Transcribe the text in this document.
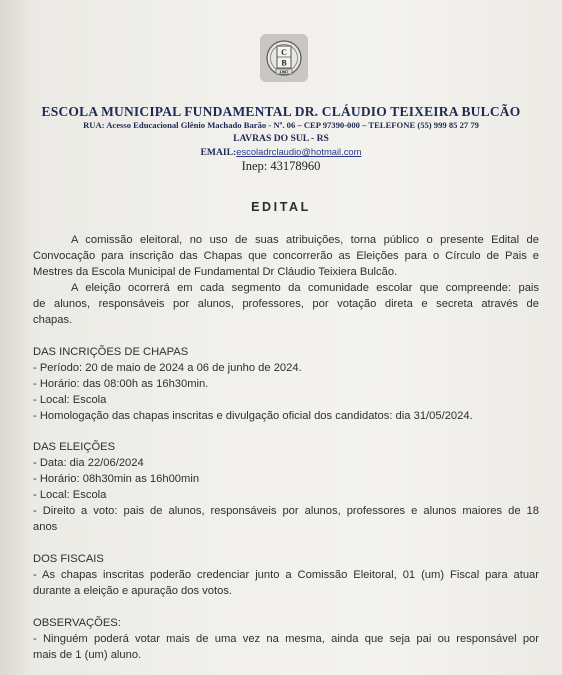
C
B
1987
ESCOLA MUNICIPAL FUNDAMENTAL DR. CLÁUDIO TEIXEIRA BULCÃO
RUA: Acesso Educacional Glênio Machado Barão - Nº. 06 – CEP 97390-000 – TELEFONE (55) 999 85 27 79
LAVRAS DO SUL - RS
EMAIL:escoladrclaudio@hotmail.com
Inep: 43178960
EDITAL
A comissão eleitoral, no uso de suas atribuições, torna público o presente Edital de
Convocação para inscrição das Chapas que concorrerão as Eleições para o Círculo de Pais e
Mestres da Escola Municipal de Fundamental Dr Cláudio Teixiera Bulcão.
A eleição ocorrerá em cada segmento da comunidade escolar que compreende: pais
de alunos, responsáveis por alunos, professores, por votação direta e secreta através de
chapas.
DAS INCRIÇÕES DE CHAPAS
- Período: 20 de maio de 2024 a 06 de junho de 2024.
- Horário: das 08:00h as 16h30min.
- Local: Escola
- Homologação das chapas inscritas e divulgação oficial dos candidatos: dia 31/05/2024.
DAS ELEIÇÕES
- Data: dia 22/06/2024
- Horário: 08h30min as 16h00min
- Local: Escola
- Direito a voto: pais de alunos, responsáveis por alunos, professores e alunos maiores de 18
anos
DOS FISCAIS
- As chapas inscritas poderão credenciar junto a Comissão Eleitoral, 01 (um) Fiscal para atuar
durante a eleição e apuração dos votos.
OBSERVAÇÕES:
- Ninguém poderá votar mais de uma vez na mesma, ainda que seja pai ou responsável por
mais de 1 (um) aluno.
